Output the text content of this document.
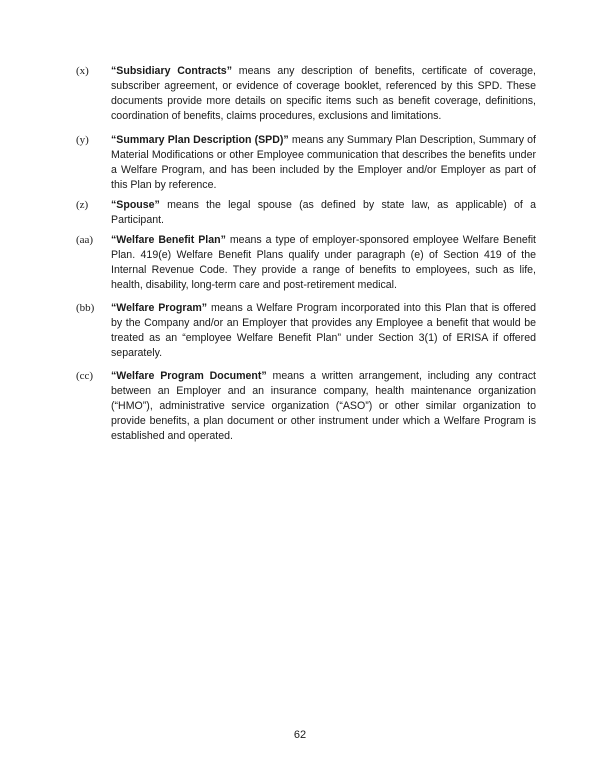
(x) “Subsidiary Contracts” means any description of benefits, certificate of coverage, subscriber agreement, or evidence of coverage booklet, referenced by this SPD. These documents provide more details on specific items such as benefit coverage, definitions, coordination of benefits, claims procedures, exclusions and limitations.
(y) “Summary Plan Description (SPD)” means any Summary Plan Description, Summary of Material Modifications or other Employee communication that describes the benefits under a Welfare Program, and has been included by the Employer and/or Employer as part of this Plan by reference.
(z) “Spouse” means the legal spouse (as defined by state law, as applicable) of a Participant.
(aa) “Welfare Benefit Plan” means a type of employer-sponsored employee Welfare Benefit Plan. 419(e) Welfare Benefit Plans qualify under paragraph (e) of Section 419 of the Internal Revenue Code. They provide a range of benefits to employees, such as life, health, disability, long-term care and post-retirement medical.
(bb) “Welfare Program” means a Welfare Program incorporated into this Plan that is offered by the Company and/or an Employer that provides any Employee a benefit that would be treated as an “employee Welfare Benefit Plan” under Section 3(1) of ERISA if offered separately.
(cc) “Welfare Program Document” means a written arrangement, including any contract between an Employer and an insurance company, health maintenance organization (“HMO”), administrative service organization (“ASO”) or other similar organization to provide benefits, a plan document or other instrument under which a Welfare Program is established and operated.
62
